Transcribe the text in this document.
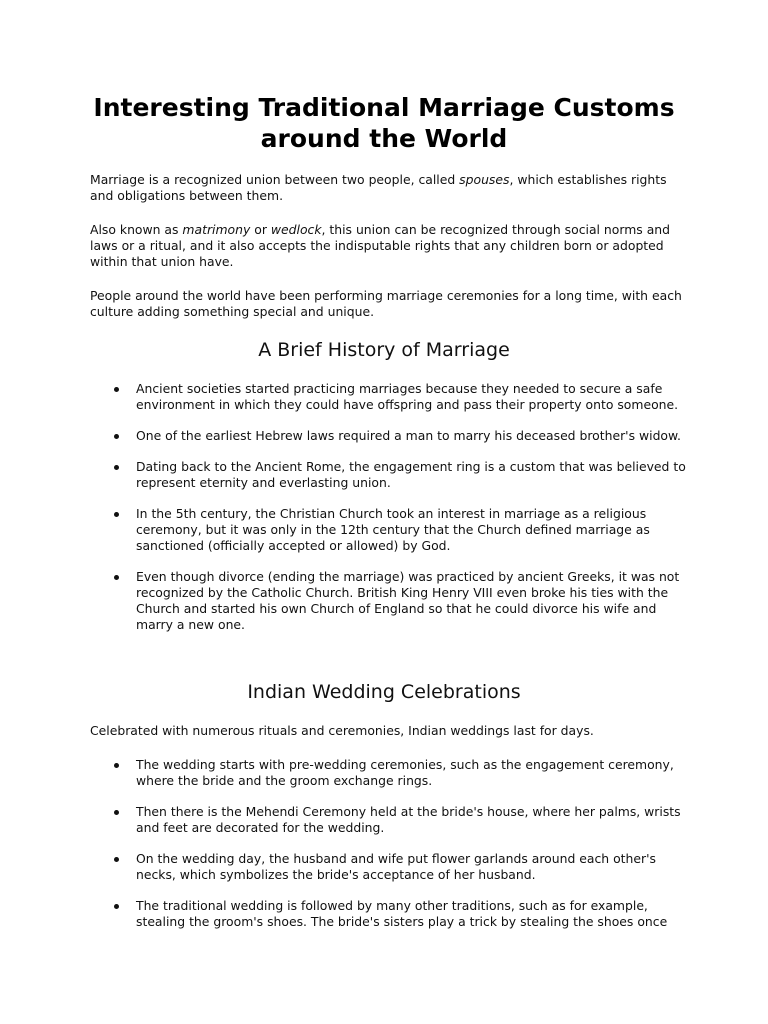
Interesting Traditional Marriage Customs around the World

Marriage is a recognized union between two people, called spouses, which establishes rights and obligations between them.

Also known as matrimony or wedlock, this union can be recognized through social norms and laws or a ritual, and it also accepts the indisputable rights that any children born or adopted within that union have.

People around the world have been performing marriage ceremonies for a long time, with each culture adding something special and unique.

A Brief History of Marriage
Ancient societies started practicing marriages because they needed to secure a safe environment in which they could have offspring and pass their property onto someone.
One of the earliest Hebrew laws required a man to marry his deceased brother's widow.
Dating back to the Ancient Rome, the engagement ring is a custom that was believed to represent eternity and everlasting union.
In the 5th century, the Christian Church took an interest in marriage as a religious ceremony, but it was only in the 12th century that the Church defined marriage as sanctioned (officially accepted or allowed) by God.
Even though divorce (ending the marriage) was practiced by ancient Greeks, it was not recognized by the Catholic Church. British King Henry VIII even broke his ties with the Church and started his own Church of England so that he could divorce his wife and marry a new one.
Indian Wedding Celebrations

Celebrated with numerous rituals and ceremonies, Indian weddings last for days.

The wedding starts with pre-wedding ceremonies, such as the engagement ceremony, where the bride and the groom exchange rings.
Then there is the Mehendi Ceremony held at the bride's house, where her palms, wrists and feet are decorated for the wedding.
On the wedding day, the husband and wife put flower garlands around each other's necks, which symbolizes the bride's acceptance of her husband.
The traditional wedding is followed by many other traditions, such as for example, stealing the groom's shoes. The bride's sisters play a trick by stealing the shoes once
